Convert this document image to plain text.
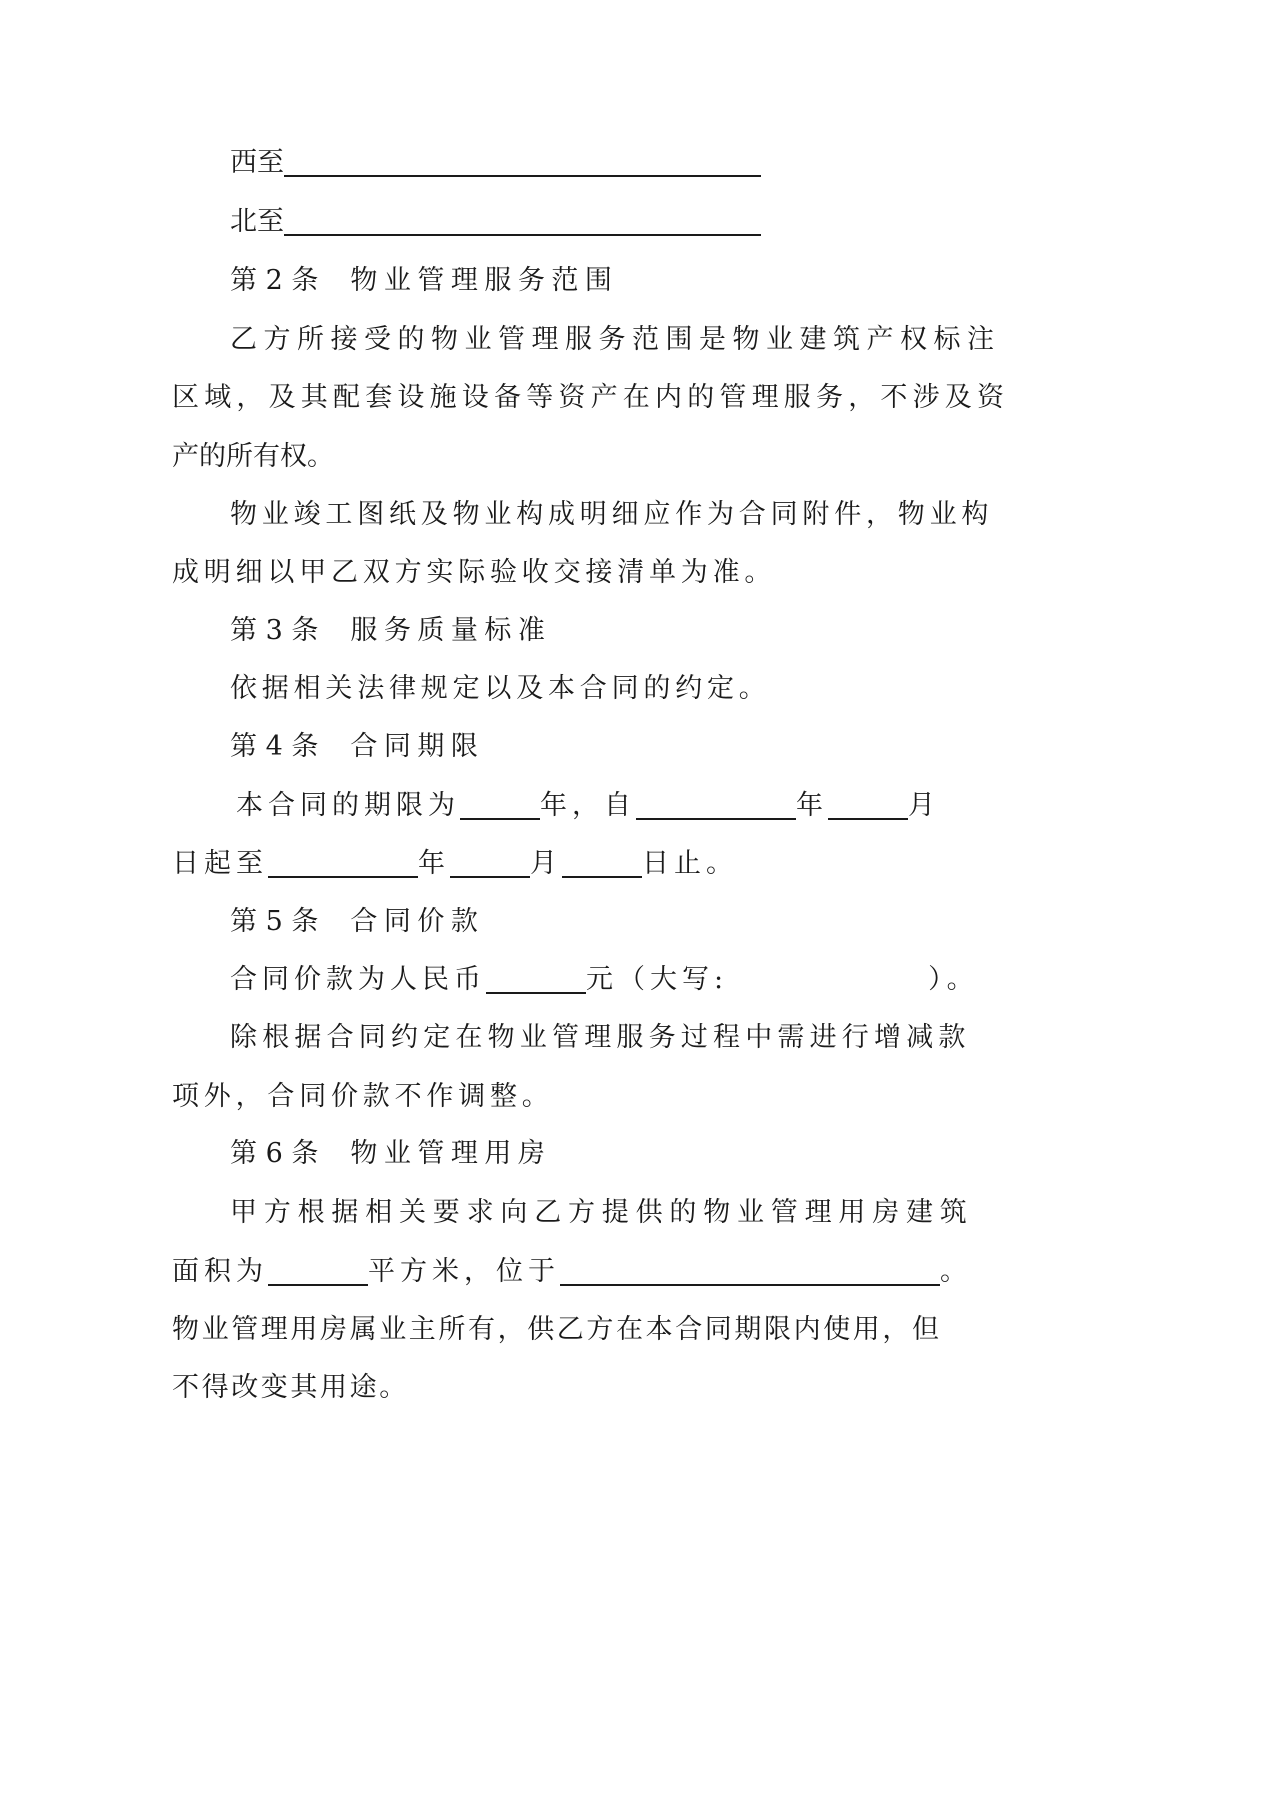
西至
北至
第 2 条 物业管理服务范围
乙方所接受的物业管理服务范围是物业建筑产权标注
区域，及其配套设施设备等资产在内的管理服务，不涉及资
产的所有权。
物业竣工图纸及物业构成明细应作为合同附件，物业构
成明细以甲乙双方实际验收交接清单为准。
第 3 条 服务质量标准
依据相关法律规定以及本合同的约定。
第 4 条 合同期限
本合同的期限为	年，自	年	月
日起至	年	月	日止。
第 5 条 合同价款
合同价款为人民币	元（大写:	）。
除根据合同约定在物业管理服务过程中需进行增减款
项外，合同价款不作调整。
第 6 条 物业管理用房
甲方根据相关要求向乙方提供的物业管理用房建筑
面积为	平方米，位于	。
物业管理用房属业主所有，供乙方在本合同期限内使用，但
不得改变其用途。
